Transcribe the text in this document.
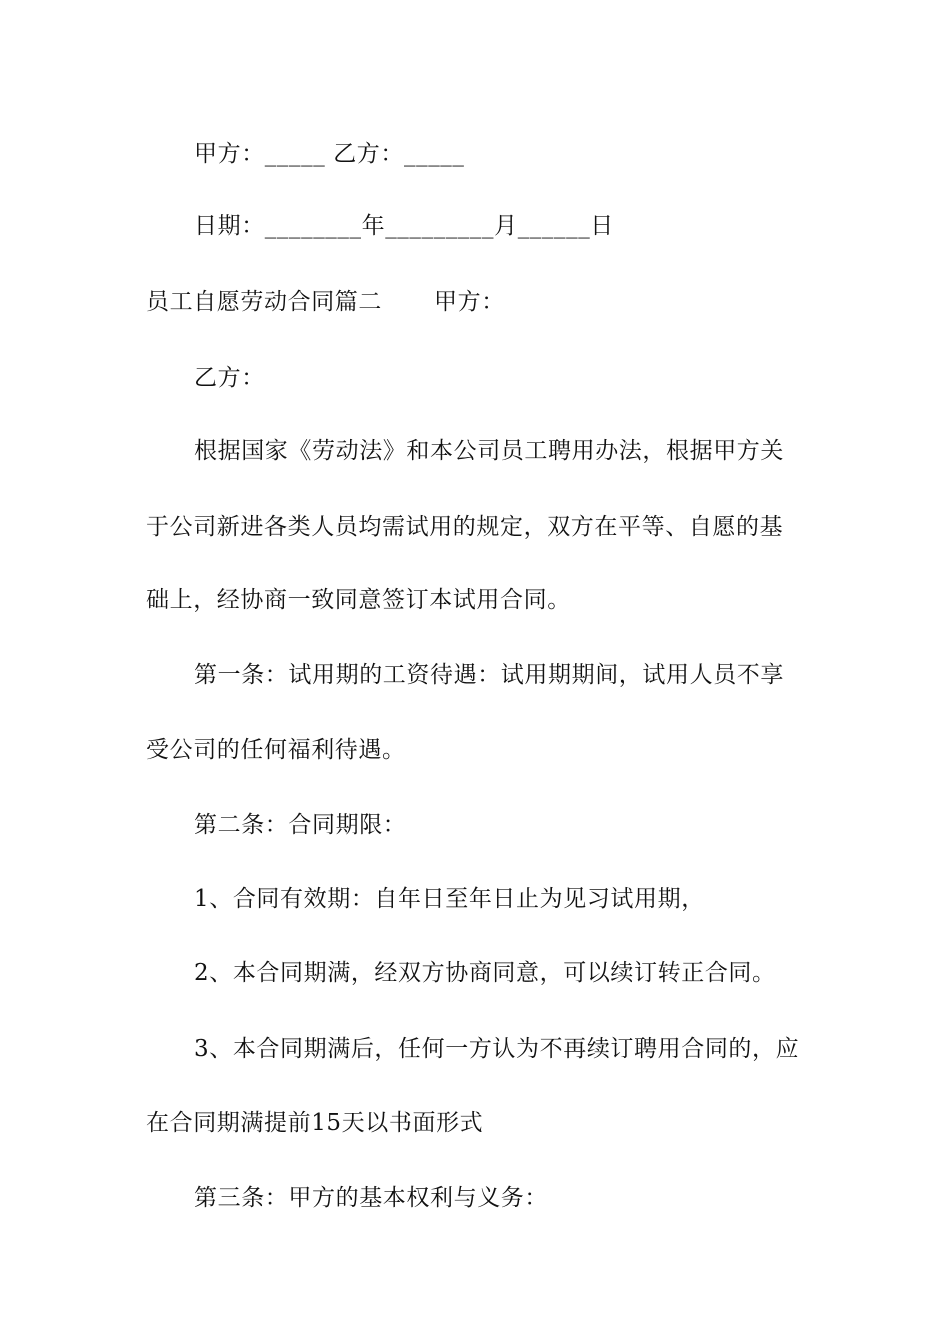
甲方：_____ 乙方：_____
日期：________年_________月______日
员工自愿劳动合同篇二 甲方：
乙方：
根据国家《劳动法》和本公司员工聘用办法，根据甲方关
于公司新进各类人员均需试用的规定，双方在平等、自愿的基
础上，经协商一致同意签订本试用合同。
第一条：试用期的工资待遇：试用期期间，试用人员不享
受公司的任何福利待遇。
第二条：合同期限：
1、合同有效期：自年日至年日止为见习试用期，
2、本合同期满，经双方协商同意，可以续订转正合同。
3、本合同期满后，任何一方认为不再续订聘用合同的，应
在合同期满提前15天以书面形式
第三条：甲方的基本权利与义务：
